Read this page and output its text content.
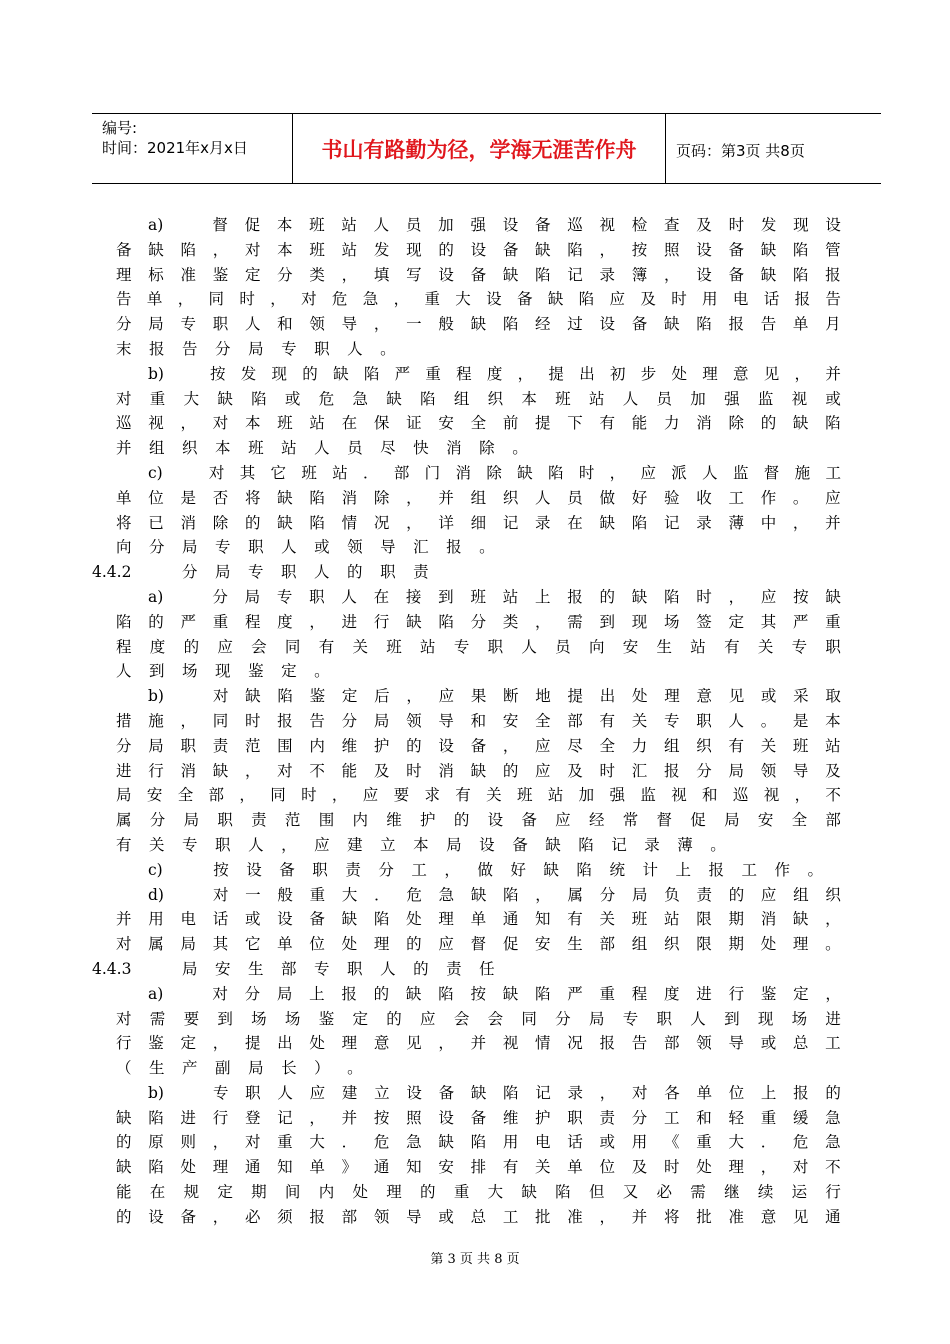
编号:
时间：2021年x月x日	书山有路勤为径，学海无涯苦作舟	页码：第3页 共8页
a)
　	督 促 本 班 站 人 员 加 强 设 备 巡 视 检 查 及 时 发 现 设
备 缺 陷 ， 对 本 班 站 发 现 的 设 备 缺 陷 ， 按 照 设 备 缺 陷 管
理 标 准 鉴 定 分 类 ， 填 写 设 备 缺 陷 记 录 簿 ， 设 备 缺 陷 报
告 单 ， 同 时 ， 对 危 急 ， 重 大 设 备 缺 陷 应 及 时 用 电 话 报 告
分 局 专 职 人 和 领 导 ， 一 般 缺 陷 经 过 设 备 缺 陷 报 告 单 月
末 报 告 分 局 专 职 人 。
b)
　	按 发 现 的 缺 陷 严 重 程 度 ， 提 出 初 步 处 理 意 见 ， 并
对 重 大 缺 陷 或 危 急 缺 陷 组 织 本 班 站 人 员 加 强 监 视 或
巡 视 ， 对 本 班 站 在 保 证 安 全 前 提 下 有 能 力 消 除 的 缺 陷
并 组 织 本 班 站 人 员 尽 快 消 除 。
c)
　	对 其 它 班 站 ． 部 门 消 除 缺 陷 时 ， 应 派 人 监 督 施 工
单 位 是 否 将 缺 陷 消 除 ， 并 组 织 人 员 做 好 验 收 工 作 。 应
将 已 消 除 的 缺 陷 情 况 ， 详 细 记 录 在 缺 陷 记 录 薄 中 ， 并
向 分 局 专 职 人 或 领 导 汇 报 。
4.4.2
　	分 局 专 职 人 的 职 责
a)
　	分 局 专 职 人 在 接 到 班 站 上 报 的 缺 陷 时 ， 应 按 缺
陷 的 严 重 程 度 ， 进 行 缺 陷 分 类 ， 需 到 现 场 签 定 其 严 重
程 度 的 应 会 同 有 关 班 站 专 职 人 员 向 安 生 站 有 关 专 职
人 到 场 现 鉴 定 。
b)
　	对 缺 陷 鉴 定 后 ， 应 果 断 地 提 出 处 理 意 见 或 采 取
措 施 ， 同 时 报 告 分 局 领 导 和 安 全 部 有 关 专 职 人 。 是 本
分 局 职 责 范 围 内 维 护 的 设 备 ， 应 尽 全 力 组 织 有 关 班 站
进 行 消 缺 ， 对 不 能 及 时 消 缺 的 应 及 时 汇 报 分 局 领 导 及
局 安 全 部 ， 同 时 ， 应 要 求 有 关 班 站 加 强 监 视 和 巡 视 ， 不
属 分 局 职 责 范 围 内 维 护 的 设 备 应 经 常 督 促 局 安 全 部
有 关 专 职 人 ， 应 建 立 本 局 设 备 缺 陷 记 录 薄 。
c)
　	按 设 备 职 责 分 工 ， 做 好 缺 陷 统 计 上 报 工 作 。
d)
　	对 一 般 重 大 ． 危 急 缺 陷 ， 属 分 局 负 责 的 应 组 织
并 用 电 话 或 设 备 缺 陷 处 理 单 通 知 有 关 班 站 限 期 消 缺 ，
对 属 局 其 它 单 位 处 理 的 应 督 促 安 生 部 组 织 限 期 处 理 。
4.4.3
　	局 安 生 部 专 职 人 的 责 任
a)
　	对 分 局 上 报 的 缺 陷 按 缺 陷 严 重 程 度 进 行 鉴 定 ，
对 需 要 到 场 场 鉴 定 的 应 会 会 同 分 局 专 职 人 到 现 场 进
行 鉴 定 ， 提 出 处 理 意 见 ， 并 视 情 况 报 告 部 领 导 或 总 工
（ 生 产 副 局 长 ） 。
b)
　	专 职 人 应 建 立 设 备 缺 陷 记 录 ， 对 各 单 位 上 报 的
缺 陷 进 行 登 记 ， 并 按 照 设 备 维 护 职 责 分 工 和 轻 重 缓 急
的 原 则 ， 对 重 大 ． 危 急 缺 陷 用 电 话 或 用 《 重 大 ． 危 急
缺 陷 处 理 通 知 单 》 通 知 安 排 有 关 单 位 及 时 处 理 ， 对 不
能 在 规 定 期 间 内 处 理 的 重 大 缺 陷 但 又 必 需 继 续 运 行
的 设 备 ， 必 须 报 部 领 导 或 总 工 批 准 ， 并 将 批 准 意 见 通
第 3 页 共 8 页
